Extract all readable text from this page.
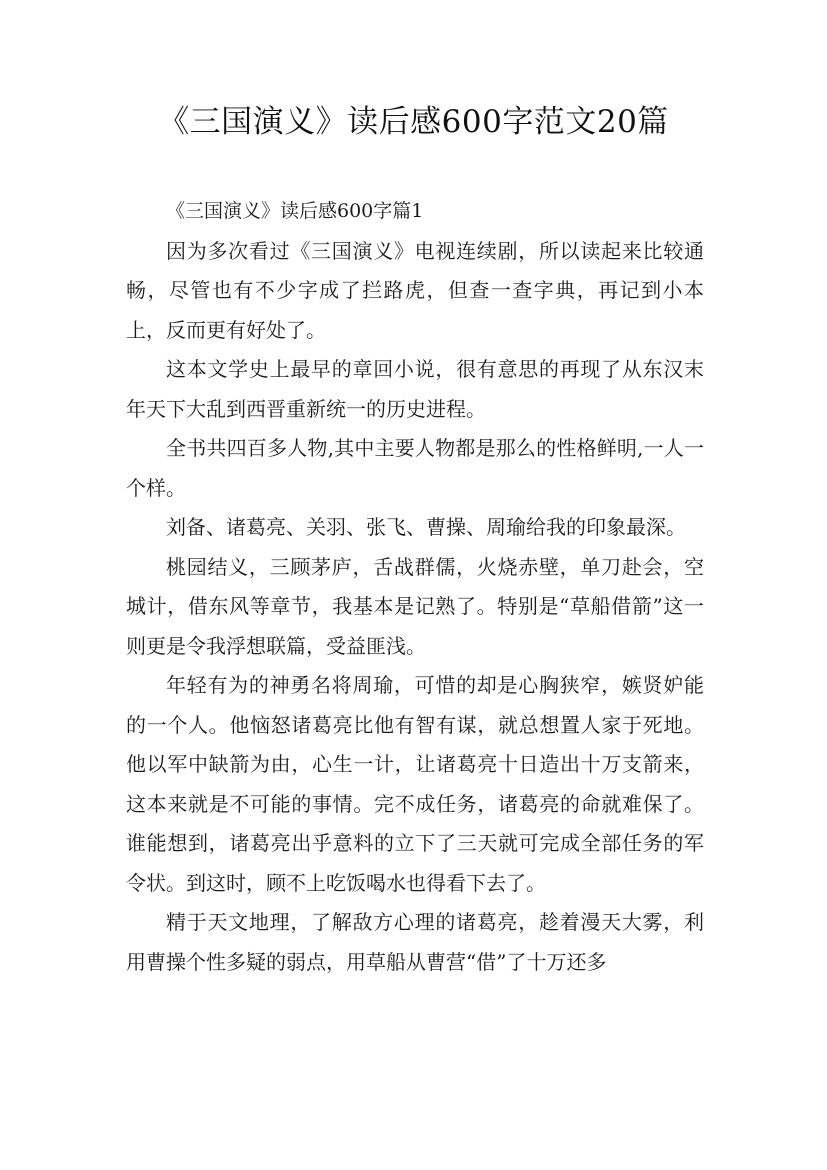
《三国演义》读后感600字范文20篇

《三国演义》读后感600字篇1

因为多次看过《三国演义》电视连续剧，所以读起来比较通畅，尽管也有不少字成了拦路虎，但查一查字典，再记到小本上，反而更有好处了。

这本文学史上最早的章回小说，很有意思的再现了从东汉末年天下大乱到西晋重新统一的历史进程。

全书共四百多人物,其中主要人物都是那么的性格鲜明,一人一个样。

刘备、诸葛亮、关羽、张飞、曹操、周瑜给我的印象最深。

桃园结义，三顾茅庐，舌战群儒，火烧赤壁，单刀赴会，空城计，借东风等章节，我基本是记熟了。特别是“草船借箭”这一则更是令我浮想联篇，受益匪浅。

年轻有为的神勇名将周瑜，可惜的却是心胸狭窄，嫉贤妒能的一个人。他恼怒诸葛亮比他有智有谋，就总想置人家于死地。他以军中缺箭为由，心生一计，让诸葛亮十日造出十万支箭来，这本来就是不可能的事情。完不成任务，诸葛亮的命就难保了。谁能想到，诸葛亮出乎意料的立下了三天就可完成全部任务的军令状。到这时，顾不上吃饭喝水也得看下去了。

精于天文地理，了解敌方心理的诸葛亮，趁着漫天大雾，利用曹操个性多疑的弱点，用草船从曹营“借”了十万还多
